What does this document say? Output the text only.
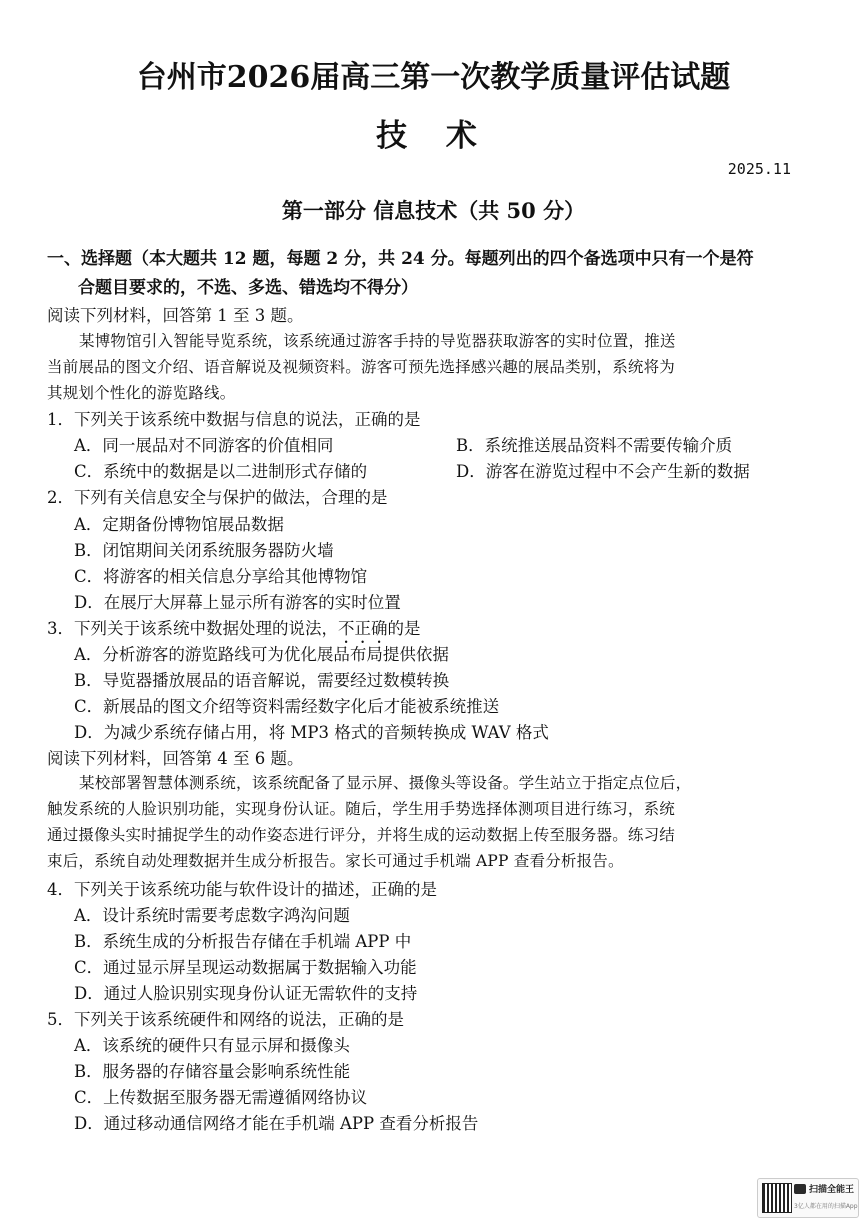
台州市2026届高三第一次教学质量评估试题
技 术
2025.11
第一部分 信息技术（共 50 分）
一、选择题（本大题共 12 题，每题 2 分，共 24 分。每题列出的四个备选项中只有一个是符
合题目要求的，不选、多选、错选均不得分）
阅读下列材料，回答第 1 至 3 题。
某博物馆引入智能导览系统，该系统通过游客手持的导览器获取游客的实时位置，推送
当前展品的图文介绍、语音解说及视频资料。游客可预先选择感兴趣的展品类别，系统将为
其规划个性化的游览路线。
1．下列关于该系统中数据与信息的说法，正确的是
A．同一展品对不同游客的价值相同	B．系统推送展品资料不需要传输介质
C．系统中的数据是以二进制形式存储的	D．游客在游览过程中不会产生新的数据
2．下列有关信息安全与保护的做法，合理的是
A．定期备份博物馆展品数据
B．闭馆期间关闭系统服务器防火墙
C．将游客的相关信息分享给其他博物馆
D．在展厅大屏幕上显示所有游客的实时位置
3．下列关于该系统中数据处理的说法，不正确的是
A．分析游客的游览路线可为优化展品布局提供依据
B．导览器播放展品的语音解说，需要经过数模转换
C．新展品的图文介绍等资料需经数字化后才能被系统推送
D．为减少系统存储占用，将 MP3 格式的音频转换成 WAV 格式
阅读下列材料，回答第 4 至 6 题。
某校部署智慧体测系统，该系统配备了显示屏、摄像头等设备。学生站立于指定点位后，
触发系统的人脸识别功能，实现身份认证。随后，学生用手势选择体测项目进行练习，系统
通过摄像头实时捕捉学生的动作姿态进行评分，并将生成的运动数据上传至服务器。练习结
束后，系统自动处理数据并生成分析报告。家长可通过手机端 APP 查看分析报告。
4．下列关于该系统功能与软件设计的描述，正确的是
A．设计系统时需要考虑数字鸿沟问题
B．系统生成的分析报告存储在手机端 APP 中
C．通过显示屏呈现运动数据属于数据输入功能
D．通过人脸识别实现身份认证无需软件的支持
5．下列关于该系统硬件和网络的说法，正确的是
A．该系统的硬件只有显示屏和摄像头
B．服务器的存储容量会影响系统性能
C．上传数据至服务器无需遵循网络协议
D．通过移动通信网络才能在手机端 APP 查看分析报告
扫描全能王
3亿人都在用的扫描App
